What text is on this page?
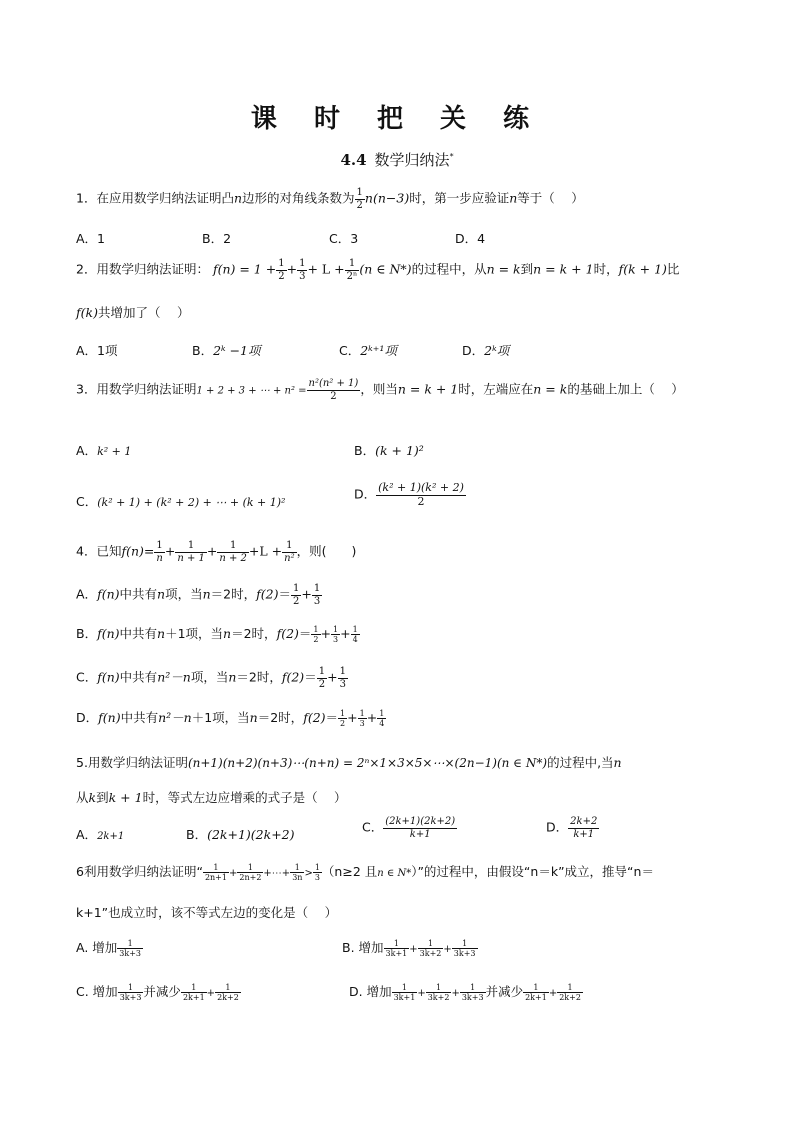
课 时 把 关 练
4.4 数学归纳法*
1．在应用数学归纳法证明凸n边形的对角线条数为 $\frac{1}{2} n(n-3)$时，第一步应验证n等于（　 ）
A．1	B．2	C．3	D．4
2．用数学归纳法证明： $f(n) = 1 + \frac{1}{2} + \frac{1}{3} + L + \frac{1}{\text{2ⁿ}} (n$ ∈ N*)的过程中，从n = k到n = k + 1时，f(k + 1)比
f(k)共增加了（　 ）
A．1项	B．2ᵏ −1项	C．2ᵏ⁺¹项	D．2ᵏ项
3．用数学归纳法证明1 + 2 + 3 + ⋯ + $n^2 = \frac{\text{n²(n² + 1)}}{2}$ ，则当n = k + 1时，左端应在n = k的基础上加上（　 ）
A．k² + 1	B．(k + 1)²
C．(k² + 1) + (k² + 2) + ⋯ + (k + 1)²
D． $\frac{\text{(k² + 1)(k² + 2)}}{2}$
4．已知$f(n)= \frac{1}{n} + \frac{1}{n + 1} + \frac{1}{n + 2} +L + \frac{1}{\text{n²}}$ ，则(　　)
A．f(n)中共有n项，当n＝2时，$f(2)= \frac{1}{2} + \frac{1}{3}$
B．f(n)中共有n＋1项，当n＝2时，$f(2)= \frac{1}{2} + \frac{1}{3} + \frac{1}{4}$
C．f(n)中共有n²－n项，当n＝2时，$f(2)= \frac{1}{2} + \frac{1}{3}$
D．f(n)中共有n²－n＋1项，当n＝2时，$f(2)= \frac{1}{2} + \frac{1}{3} + \frac{1}{4}$
5.用数学归纳法证明(n+1)(n+2)(n+3)⋯(n+n) = 2ⁿ×1×3×5×⋯×(2n−1)(n ∈ N*)的过程中,当n
从k到k + 1时，等式左边应增乘的式子是（　 ）
A．2k+1	B．(2k+1)(2k+2)	C． $\frac{(2k+1)(2k+2)}{k+1}$	D． $\frac{2k+2}{k+1}$
6利用数学归纳法证明“ $\frac{1}{2n+1} + \frac{1}{2n+2}$ +⋯+ $\frac{1}{3n} > \frac{1}{3} (n\ge 2$ 且n ∈ N*）”的过程中，由假设“n＝k”成立，推导“n＝
k+1”也成立时，该不等式左边的变化是（　 ）
A. 增加 $\frac{1}{3k+3}$	B. 增加 $\frac{1}{3k+1} + \frac{1}{3k+2} + \frac{1}{3k+3}$
C. 增加 $\frac{1}{3k+3}$ 并减少 $\frac{1}{2k+1} + \frac{1}{2k+2}$	D. 增加 $\frac{1}{3k+1} + \frac{1}{3k+2} + \frac{1}{3k+3}$ 并减少 $\frac{1}{2k+1} + \frac{1}{2k+2}$
